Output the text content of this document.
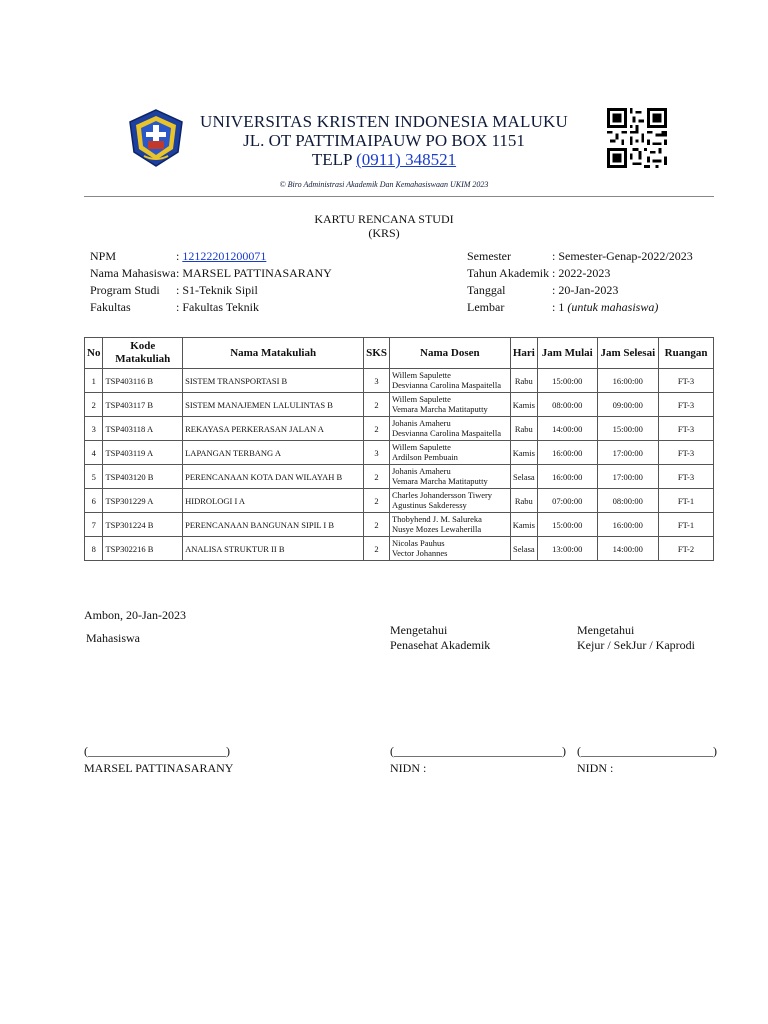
UNIVERSITAS KRISTEN INDONESIA MALUKU
JL. OT PATTIMAIPAUW PO BOX 1151
TELP (0911) 348521
© Biro Administrasi Akademik Dan Kemahasiswaan UKIM 2023
KARTU RENCANA STUDI
(KRS)
NPM	: 12122201200071
Nama Mahasiswa : MARSEL PATTINASARANY
Program Studi : S1-Teknik Sipil
Fakultas	: Fakultas Teknik
Semester	: Semester-Genap-2022/2023
Tahun Akademik : 2022-2023
Tanggal	: 20-Jan-2023
Lembar	: 1 (untuk mahasiswa)
No	Kode Matakuliah	Nama Matakuliah	SKS	Nama Dosen	Hari	Jam Mulai	Jam Selesai	Ruangan
1	TSP403116 B	SISTEM TRANSPORTASI B	3	Willem Sapulette
Desvianna Carolina Maspaitella	Rabu	15:00:00	16:00:00	FT-3
2	TSP403117 B	SISTEM MANAJEMEN LALULINTAS B	2	Willem Sapulette
Vemara Marcha Matitaputty	Kamis	08:00:00	09:00:00	FT-3
3	TSP403118 A	REKAYASA PERKERASAN JALAN A	2	Johanis Amaheru
Desvianna Carolina Maspaitella	Rabu	14:00:00	15:00:00	FT-3
4	TSP403119 A	LAPANGAN TERBANG A	3	Willem Sapulette
Ardilson Pembuain	Kamis	16:00:00	17:00:00	FT-3
5	TSP403120 B	PERENCANAAN KOTA DAN WILAYAH B	2	Johanis Amaheru
Vemara Marcha Matitaputty	Selasa	16:00:00	17:00:00	FT-3
6	TSP301229 A	HIDROLOGI I A	2	Charles Johandersson Tiwery
Agustinus Sakderessy	Rabu	07:00:00	08:00:00	FT-1
7	TSP301224 B	PERENCANAAN BANGUNAN SIPIL I B	2	Thobyhend J. M. Salureka
Nusye Mozes Lewaherilla	Kamis	15:00:00	16:00:00	FT-1
8	TSP302216 B	ANALISA STRUKTUR II B	2	Nicolas Pauhus
Vector Johannes	Selasa	13:00:00	14:00:00	FT-2
Ambon, 20-Jan-2023
Mahasiswa
Mengetahui
Penasehat Akademik
Mengetahui
Kejur / SekJur / Kaprodi
(_______________________)	(____________________________) (______________________)
MARSEL PATTINASARANY	NIDN :	NIDN :
